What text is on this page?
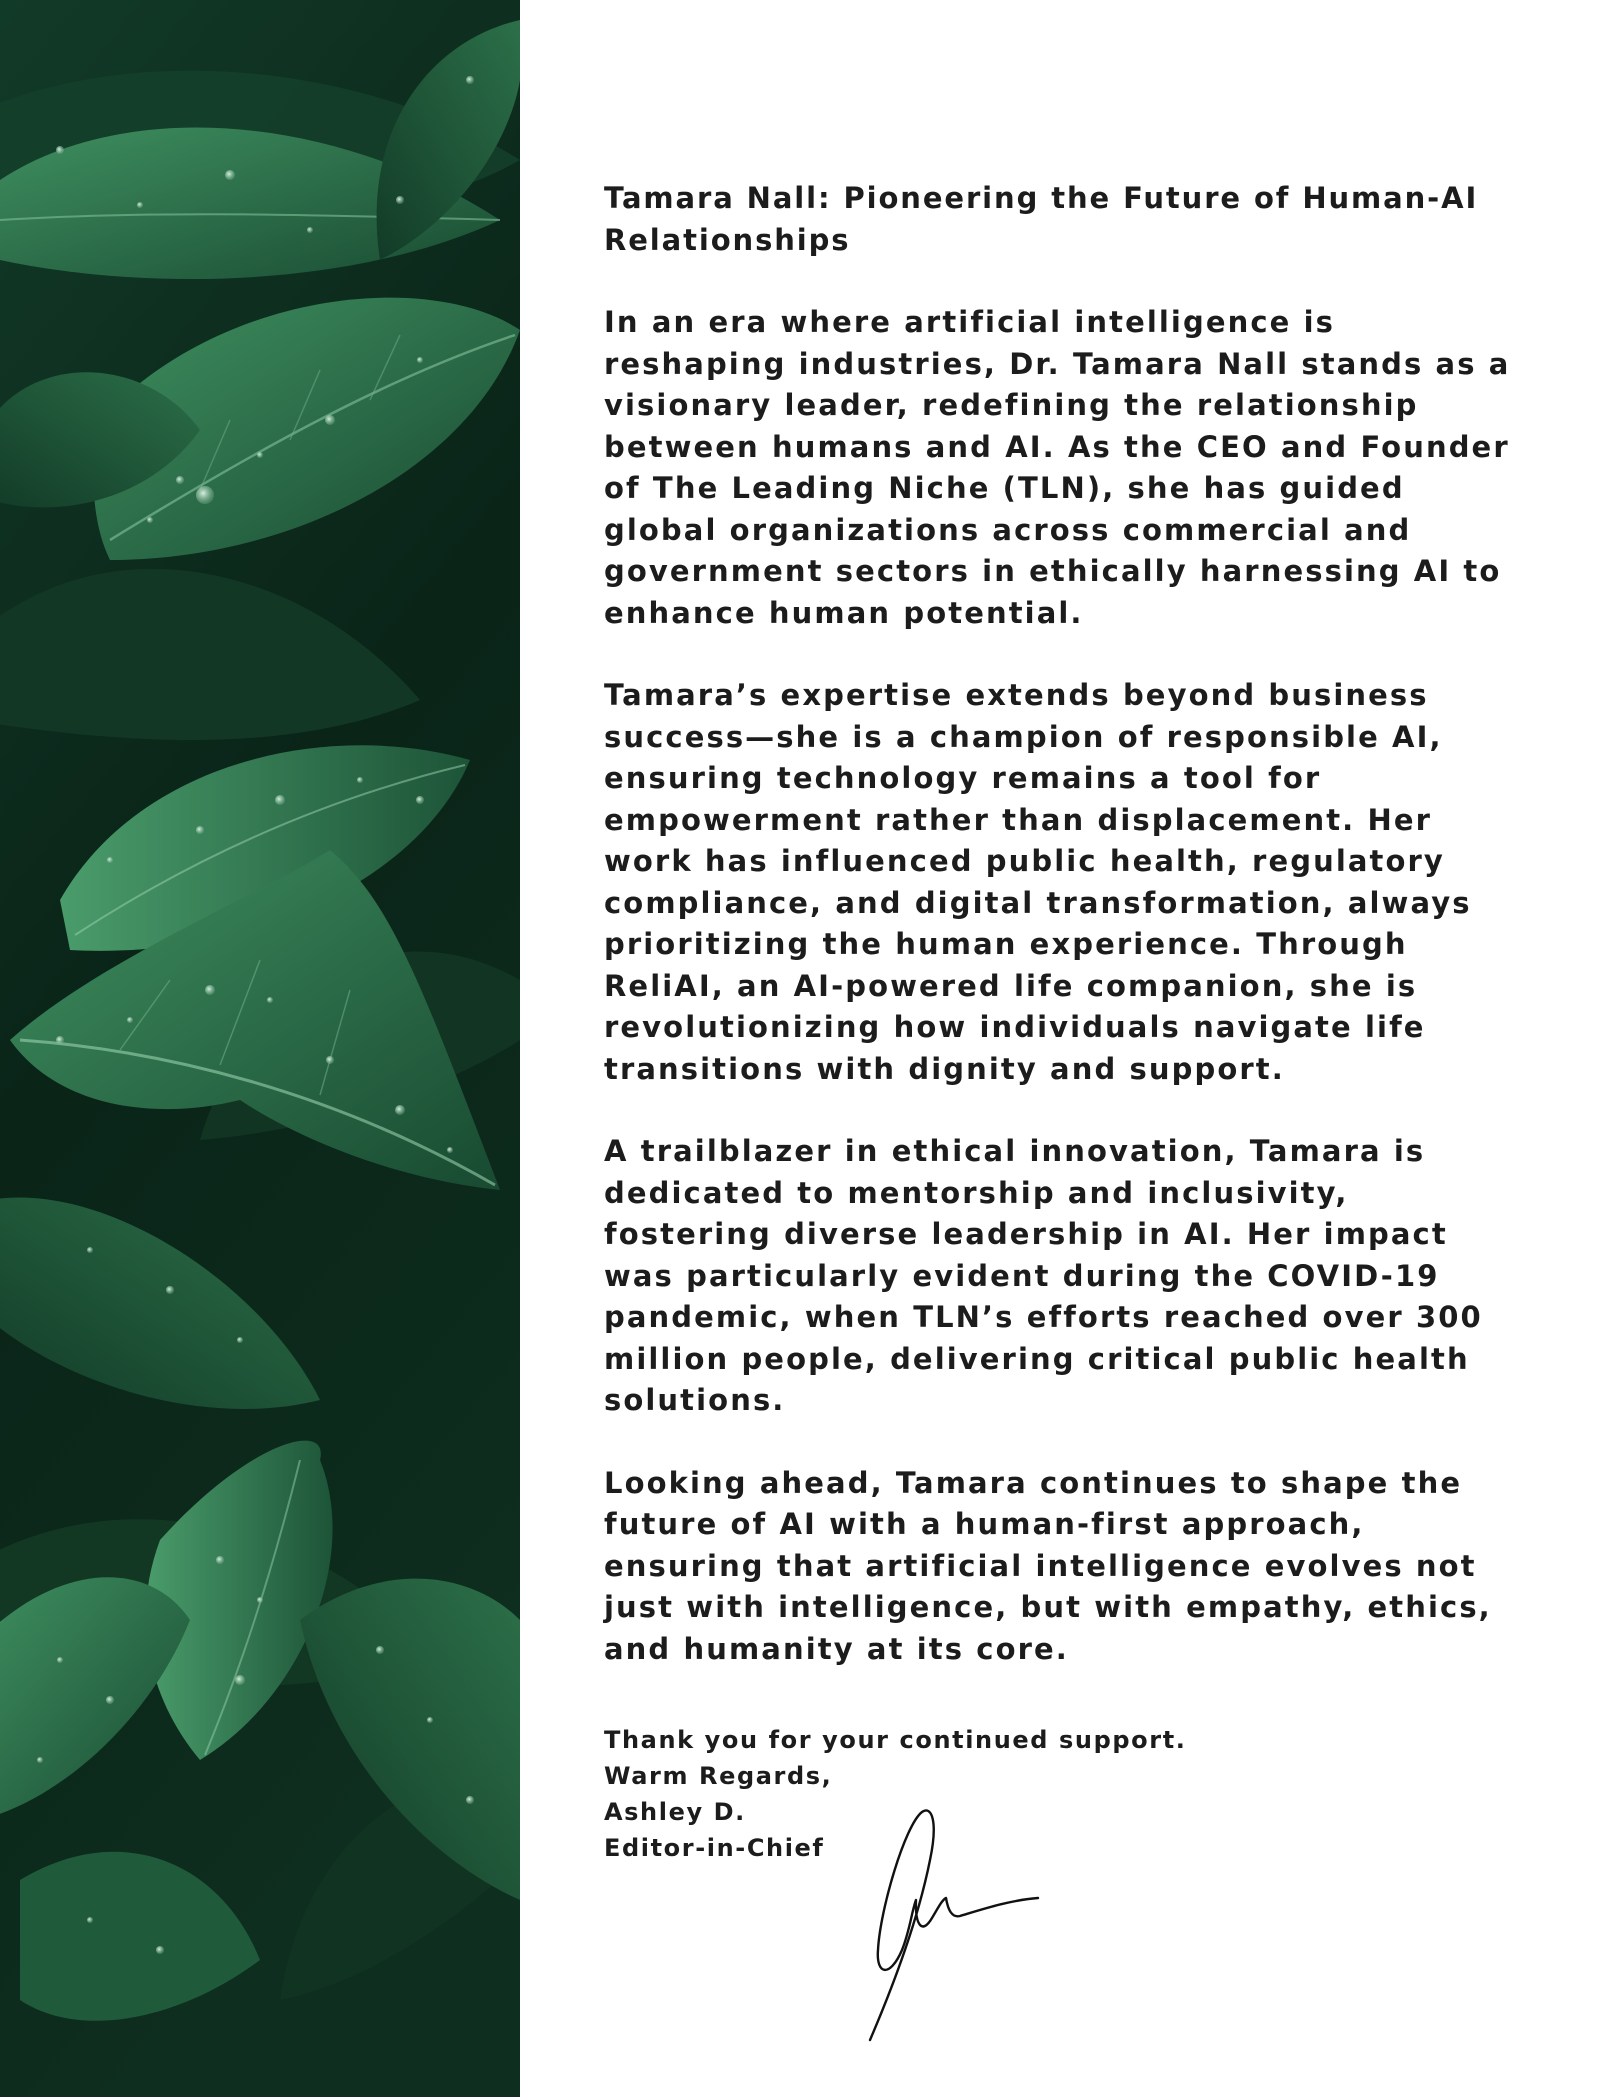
Tamara Nall: Pioneering the Future of Human-AI Relationships
In an era where artificial intelligence is reshaping industries, Dr. Tamara Nall stands as a visionary leader, redefining the relationship between humans and AI. As the CEO and Founder of The Leading Niche (TLN), she has guided global organizations across commercial and government sectors in ethically harnessing AI to enhance human potential.
Tamara’s expertise extends beyond business success—she is a champion of responsible AI, ensuring technology remains a tool for empowerment rather than displacement. Her work has influenced public health, regulatory compliance, and digital transformation, always prioritizing the human experience. Through ReliAI, an AI-powered life companion, she is revolutionizing how individuals navigate life transitions with dignity and support.
A trailblazer in ethical innovation, Tamara is dedicated to mentorship and inclusivity, fostering diverse leadership in AI. Her impact was particularly evident during the COVID-19 pandemic, when TLN’s efforts reached over 300 million people, delivering critical public health solutions.
Looking ahead, Tamara continues to shape the future of AI with a human-first approach, ensuring that artificial intelligence evolves not just with intelligence, but with empathy, ethics, and humanity at its core.
Thank you for your continued support.
Warm Regards,
Ashley D.
Editor-in-Chief
